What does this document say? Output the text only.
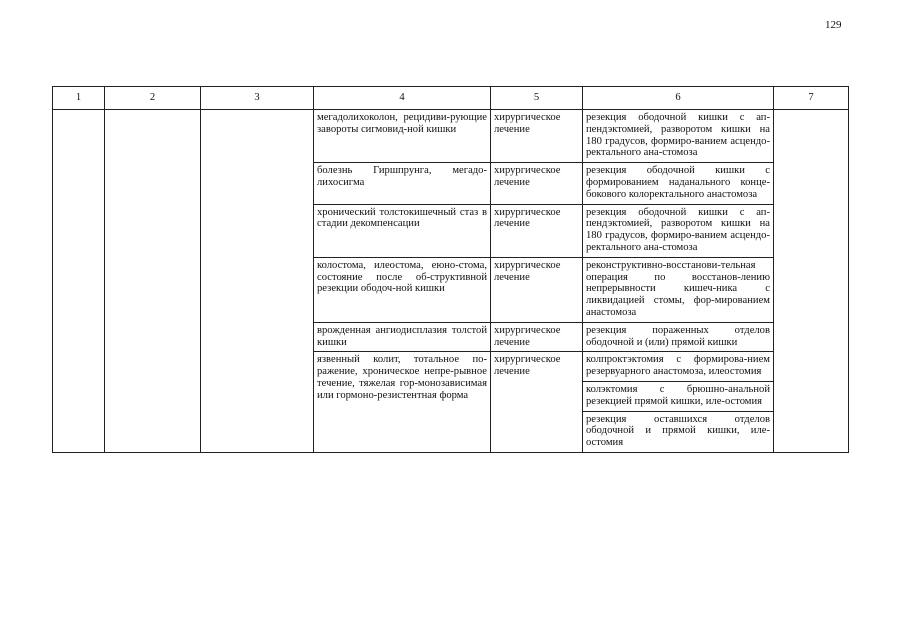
129
1	2	3	4	5	6	7
			мегадолихоколон, рецидиви-рующие завороты сигмовид-ной кишки	хирургическое лечение	резекция ободочной кишки с ап-пендэктомией, разворотом кишки на 180 градусов, формиро-ванием асцендо-ректального ана-стомоза	
			болезнь Гиршпрунга, мегадо-лихосигма	хирургическое лечение	резекция ободочной кишки с формированием наданального конце-бокового колоректального анастомоза	
			хронический толстокишечный стаз в стадии декомпенсации	хирургическое лечение	резекция ободочной кишки с ап-пендэктомией, разворотом кишки на 180 градусов, формиро-ванием асцендо-ректального ана-стомоза	
			колостома, илеостома, еюно-стома, состояние после об-структивной резекции ободоч-ной кишки	хирургическое лечение	реконструктивно-восстанови-тельная операция по восстанов-лению непрерывности кишеч-ника с ликвидацией стомы, фор-мированием анастомоза	
			врожденная ангиодисплазия толстой кишки	хирургическое лечение	резекция пораженных отделов ободочной и (или) прямой кишки	
			язвенный колит, тотальное по-ражение, хроническое непре-рывное течение, тяжелая гор-монозависимая или гормоно-резистентная форма	хирургическое лечение	колпроктэктомия с формирова-нием резервуарного анастомоза, илеостомия	
					колэктомия с брюшно-анальной резекцией прямой кишки, иле-остомия	
					резекция оставшихся отделов ободочной и прямой кишки, иле-остомия	
